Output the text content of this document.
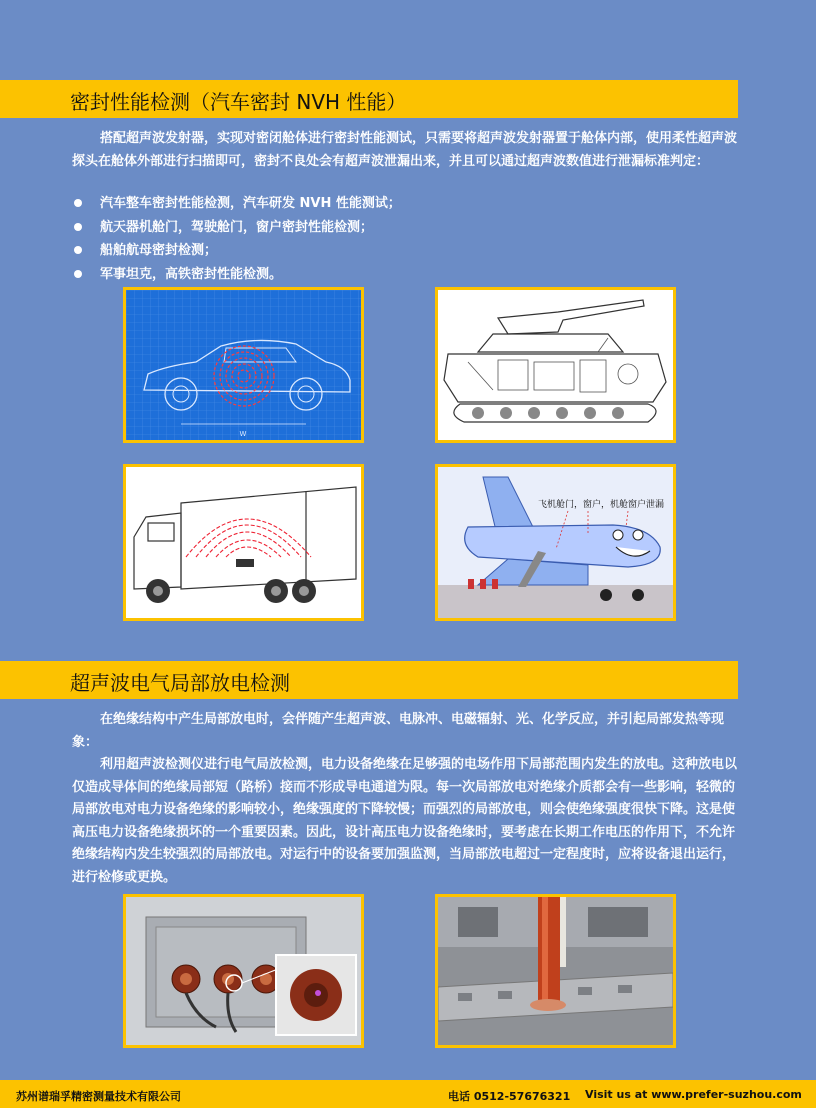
密封性能检测（汽车密封 NVH 性能）

搭配超声波发射器，实现对密闭舱体进行密封性能测试，只需要将超声波发射器置于舱体内部，使用柔性超声波探头在舱体外部进行扫描即可，密封不良处会有超声波泄漏出来，并且可以通过超声波数值进行泄漏标准判定：

汽车整车密封性能检测，汽车研发 NVH 性能测试；
航天器机舱门，驾驶舱门，窗户密封性能检测；
船舶航母密封检测；
军事坦克，高铁密封性能检测。
W
飞机舱门，窗户，机舱窗户泄漏
超声波电气局部放电检测

在绝缘结构中产生局部放电时，会伴随产生超声波、电脉冲、电磁辐射、光、化学反应，并引起局部发热等现象：

利用超声波检测仪进行电气局放检测，电力设备绝缘在足够强的电场作用下局部范围内发生的放电。这种放电以仅造成导体间的绝缘局部短（路桥）接而不形成导电通道为限。每一次局部放电对绝缘介质都会有一些影响，轻微的局部放电对电力设备绝缘的影响较小，绝缘强度的下降较慢；而强烈的局部放电，则会使绝缘强度很快下降。这是使高压电力设备绝缘损坏的一个重要因素。因此，设计高压电力设备绝缘时，要考虑在长期工作电压的作用下，不允许绝缘结构内发生较强烈的局部放电。对运行中的设备要加强监测，当局部放电超过一定程度时，应将设备退出运行，进行检修或更换。

苏州谱瑞孚精密测量技术有限公司	电话 0512-57676321 Visit us at www.prefer-suzhou.com
